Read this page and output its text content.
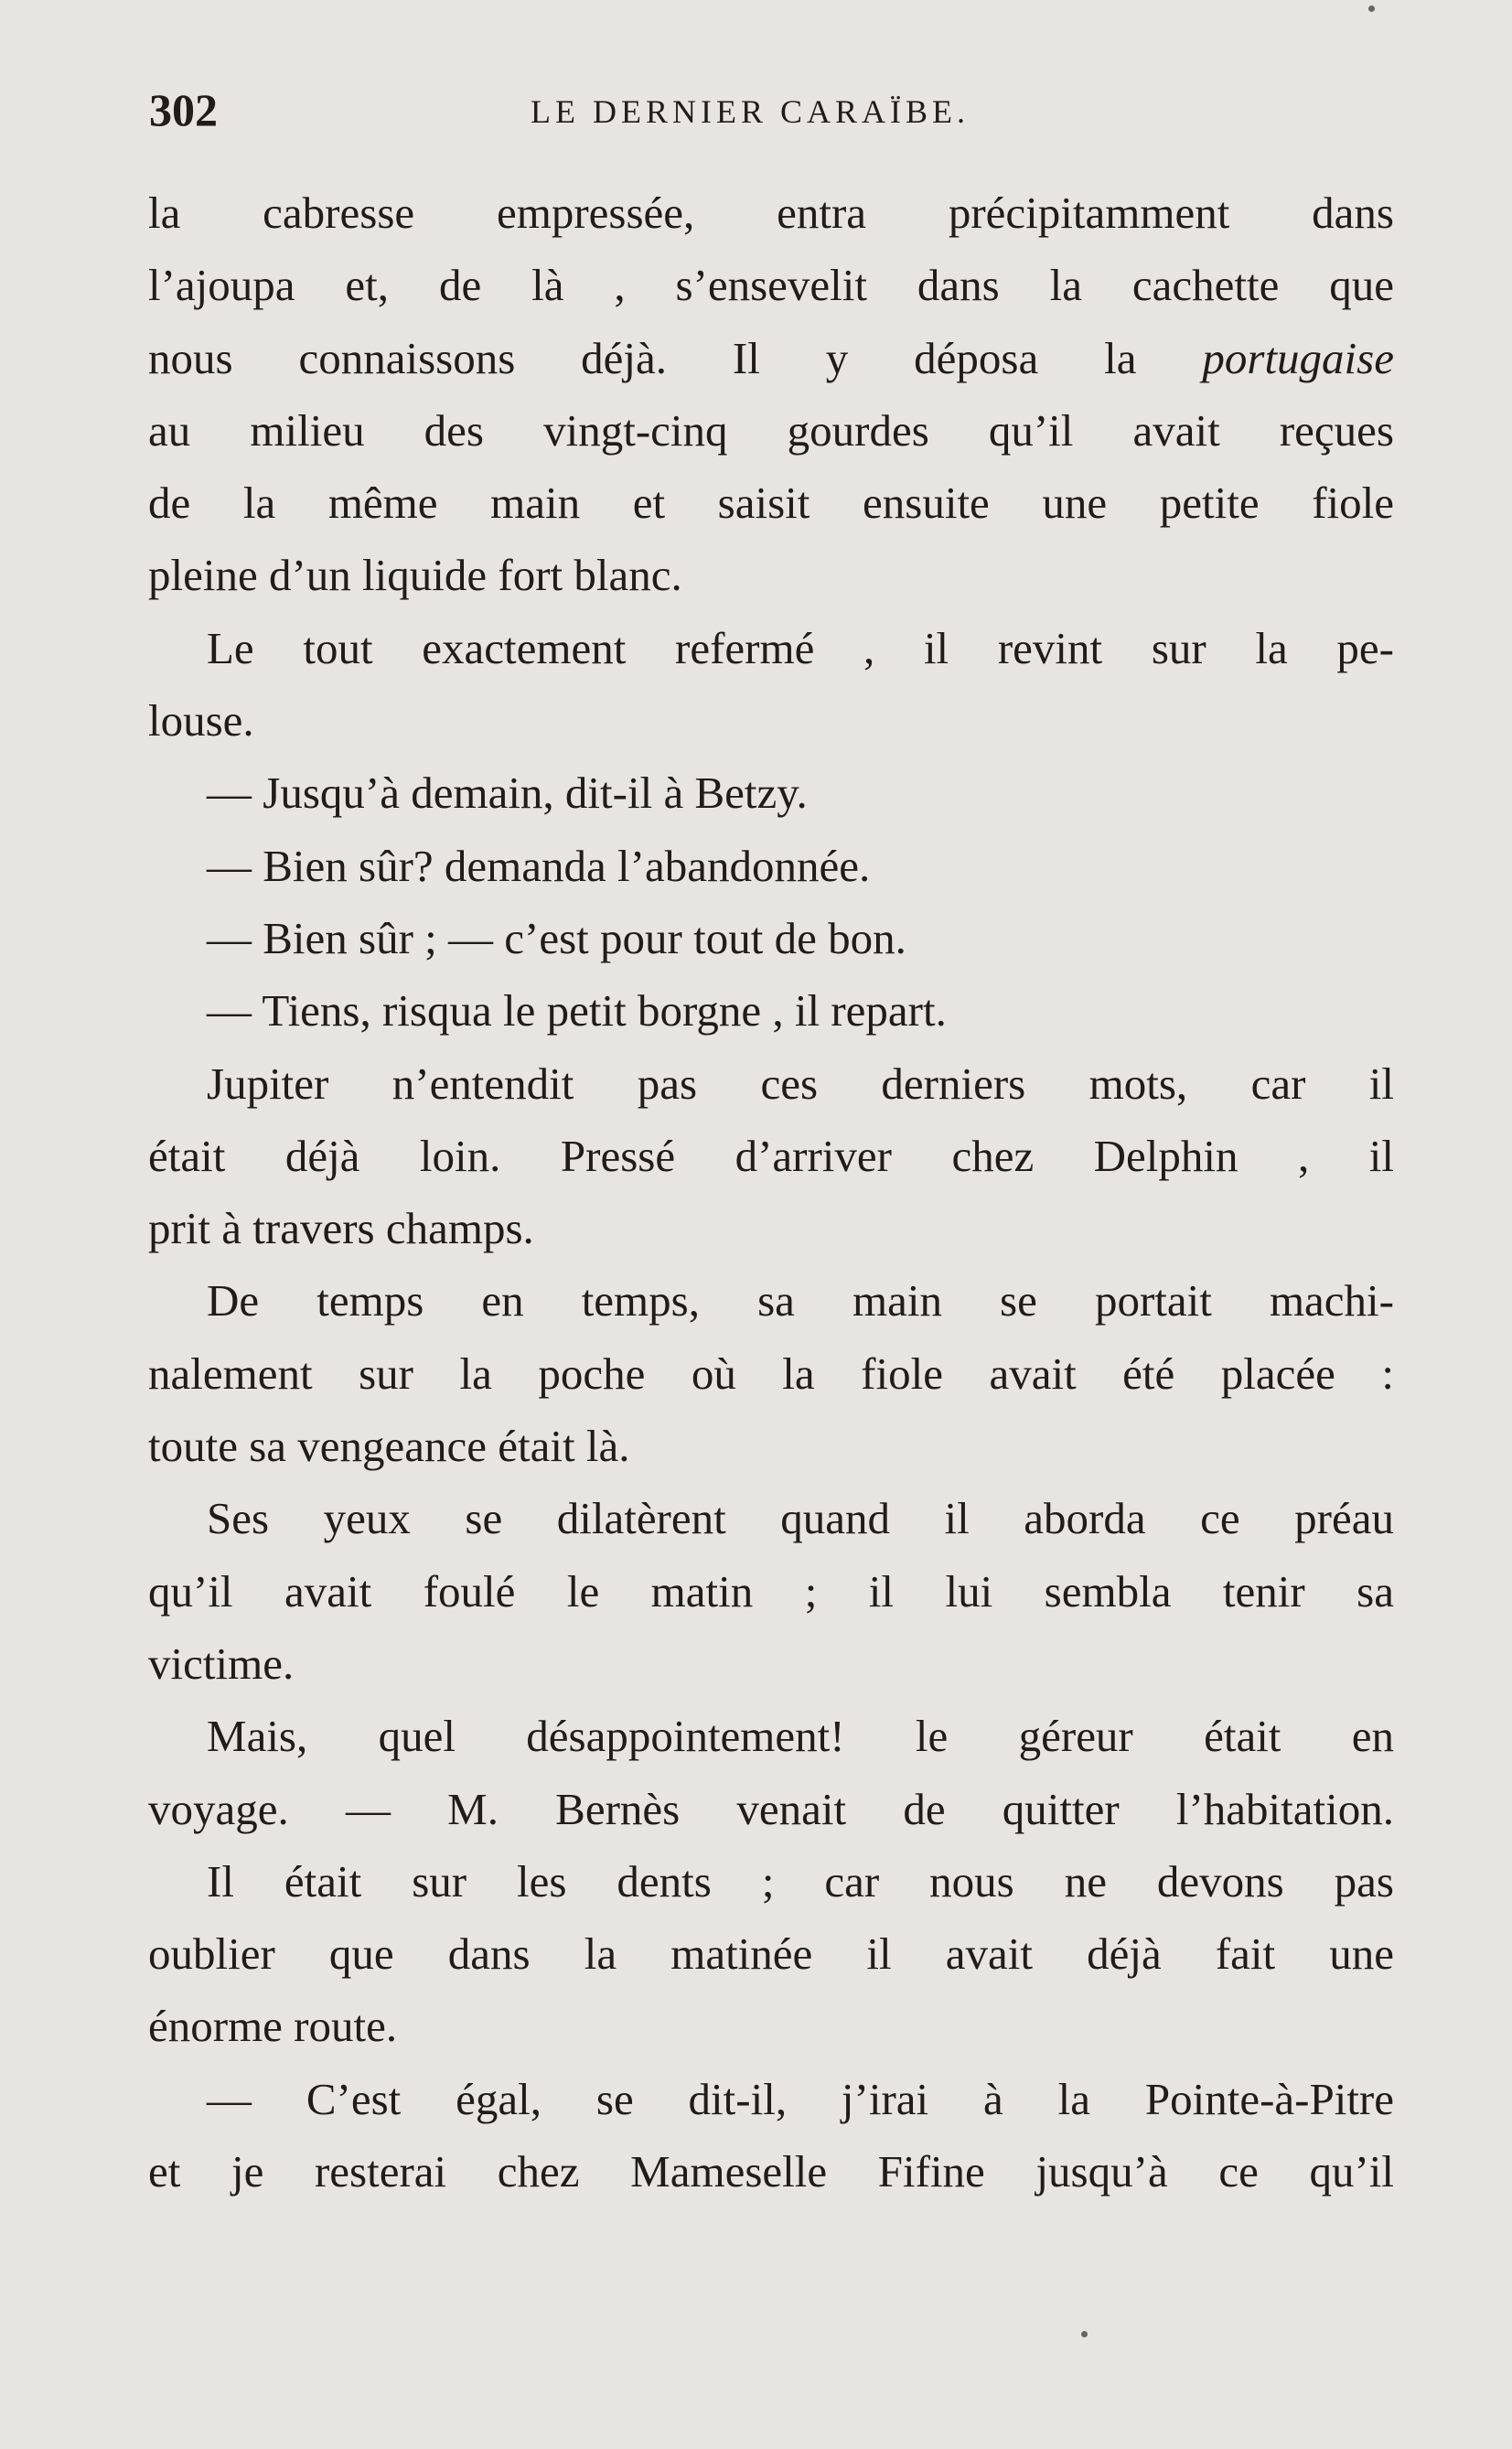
302	LE DERNIER CARAÏBE.
la cabresse empressée, entra précipitamment dans
l’ajoupa et, de là , s’ensevelit dans la cachette que
nous connaissons déjà. Il y déposa la portugaise
au milieu des vingt-cinq gourdes qu’il avait reçues
de la même main et saisit ensuite une petite fiole
pleine d’un liquide fort blanc.
Le tout exactement refermé , il revint sur la pe-
louse.
— Jusqu’à demain, dit-il à Betzy.
— Bien sûr? demanda l’abandonnée.
— Bien sûr ; — c’est pour tout de bon.
— Tiens, risqua le petit borgne , il repart.
Jupiter n’entendit pas ces derniers mots, car il
était déjà loin. Pressé d’arriver chez Delphin , il
prit à travers champs.
De temps en temps, sa main se portait machi-
nalement sur la poche où la fiole avait été placée :
toute sa vengeance était là.
Ses yeux se dilatèrent quand il aborda ce préau
qu’il avait foulé le matin ; il lui sembla tenir sa
victime.
Mais, quel désappointement! le géreur était en
voyage. — M. Bernès venait de quitter l’habitation.
Il était sur les dents ; car nous ne devons pas
oublier que dans la matinée il avait déjà fait une
énorme route.
— C’est égal, se dit-il, j’irai à la Pointe-à-Pitre
et je resterai chez Mameselle Fifine jusqu’à ce qu’il
